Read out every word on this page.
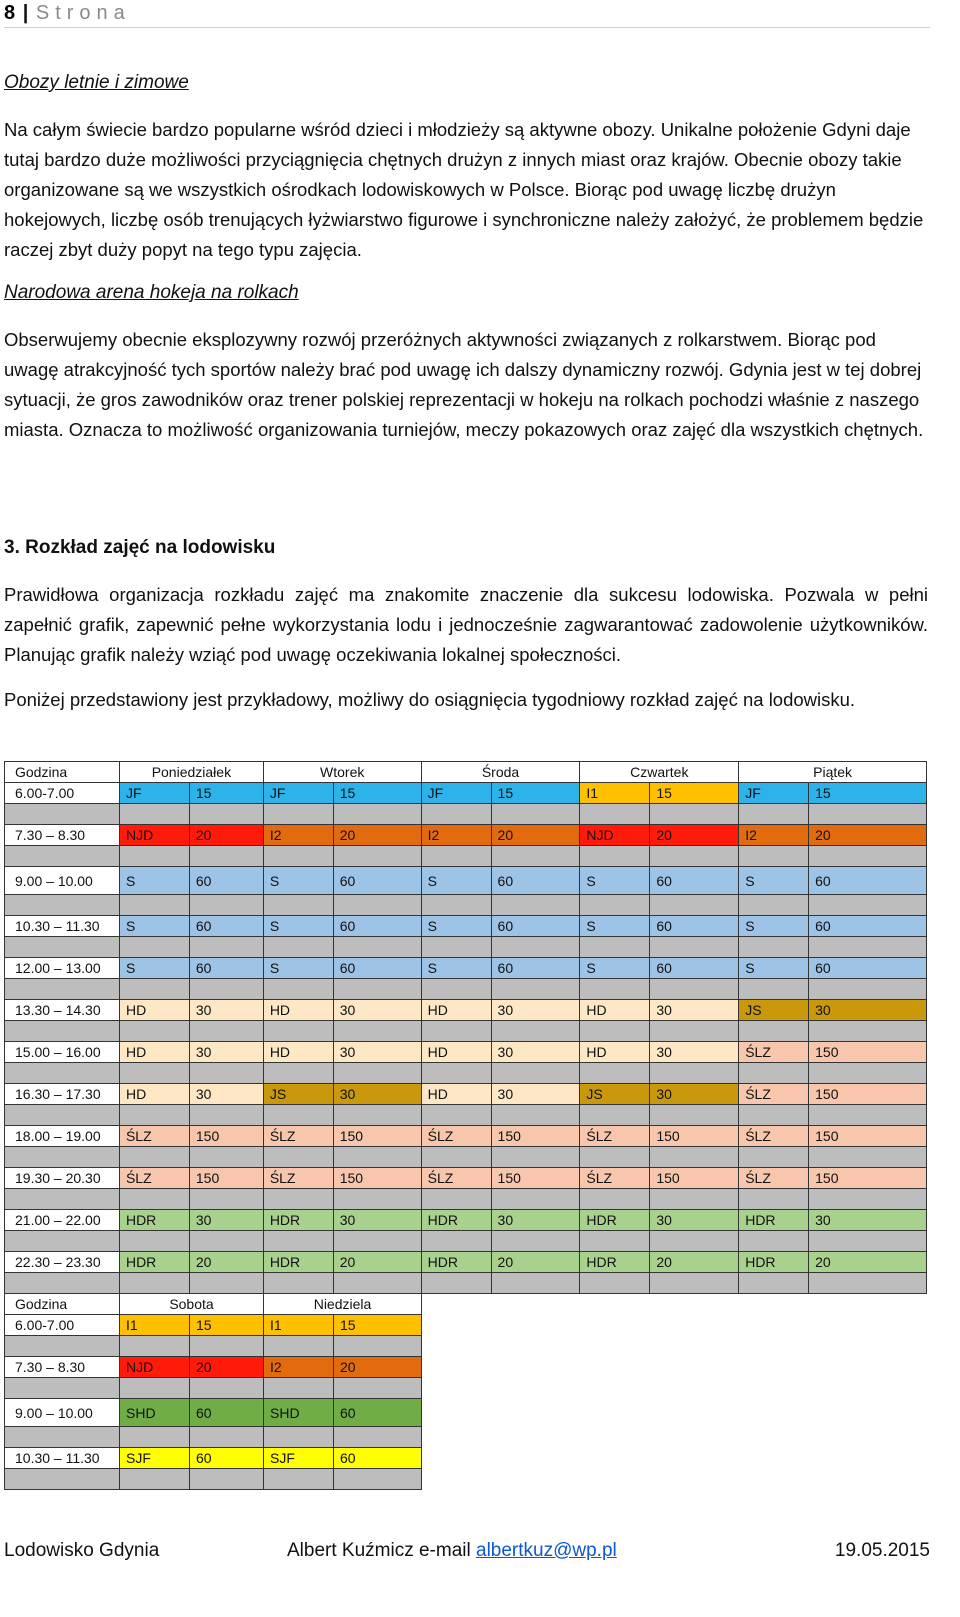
8 | Strona
Obozy letnie i zimowe

Na całym świecie bardzo popularne wśród dzieci i młodzieży są aktywne obozy. Unikalne położenie Gdyni daje tutaj bardzo duże możliwości przyciągnięcia chętnych drużyn z innych miast oraz krajów. Obecnie obozy takie organizowane są we wszystkich ośrodkach lodowiskowych w Polsce. Biorąc pod uwagę liczbę drużyn hokejowych, liczbę osób trenujących łyżwiarstwo figurowe i synchroniczne należy założyć, że problemem będzie raczej zbyt duży popyt na tego typu zajęcia.

Narodowa arena hokeja na rolkach

Obserwujemy obecnie eksplozywny rozwój przeróżnych aktywności związanych z rolkarstwem. Biorąc pod uwagę atrakcyjność tych sportów należy brać pod uwagę ich dalszy dynamiczny rozwój. Gdynia jest w tej dobrej sytuacji, że gros zawodników oraz trener polskiej reprezentacji w hokeju na rolkach pochodzi właśnie z naszego miasta. Oznacza to możliwość organizowania turniejów, meczy pokazowych oraz zajęć dla wszystkich chętnych.

3. Rozkład zajęć na lodowisku

Prawidłowa organizacja rozkładu zajęć ma znakomite znaczenie dla sukcesu lodowiska. Pozwala w pełni zapełnić grafik, zapewnić pełne wykorzystania lodu i jednocześnie zagwarantować zadowolenie użytkowników. Planując grafik należy wziąć pod uwagę oczekiwania lokalnej społeczności.

Poniżej przedstawiony jest przykładowy, możliwy do osiągnięcia tygodniowy rozkład zajęć na lodowisku.

Godzina	Poniedziałek		Wtorek		Środa		Czwartek		Piątek	
6.00-7.00	JF	15	JF	15	JF	15	I1	15	JF	15

7.30 – 8.30	NJD	20	I2	20	I2	20	NJD	20	I2	20

9.00 – 10.00	S	60	S	60	S	60	S	60	S	60

10.30 – 11.30	S	60	S	60	S	60	S	60	S	60

12.00 – 13.00	S	60	S	60	S	60	S	60	S	60

13.30 – 14.30	HD	30	HD	30	HD	30	HD	30	JS	30

15.00 – 16.00	HD	30	HD	30	HD	30	HD	30	ŚLZ	150

16.30 – 17.30	HD	30	JS	30	HD	30	JS	30	ŚLZ	150

18.00 – 19.00	ŚLZ	150	ŚLZ	150	ŚLZ	150	ŚLZ	150	ŚLZ	150

19.30 – 20.30	ŚLZ	150	ŚLZ	150	ŚLZ	150	ŚLZ	150	ŚLZ	150

21.00 – 22.00	HDR	30	HDR	30	HDR	30	HDR	30	HDR	30

22.30 – 23.30	HDR	20	HDR	20	HDR	20	HDR	20	HDR	20

Godzina	Sobota		Niedziela	
6.00-7.00	I1	15	I1	15

7.30 – 8.30	NJD	20	I2	20

9.00 – 10.00	SHD	60	SHD	60

10.30 – 11.30	SJF	60	SJF	60

Lodowisko Gdynia	Albert Kuźmicz e-mail albertkuz@wp.pl	19.05.2015
